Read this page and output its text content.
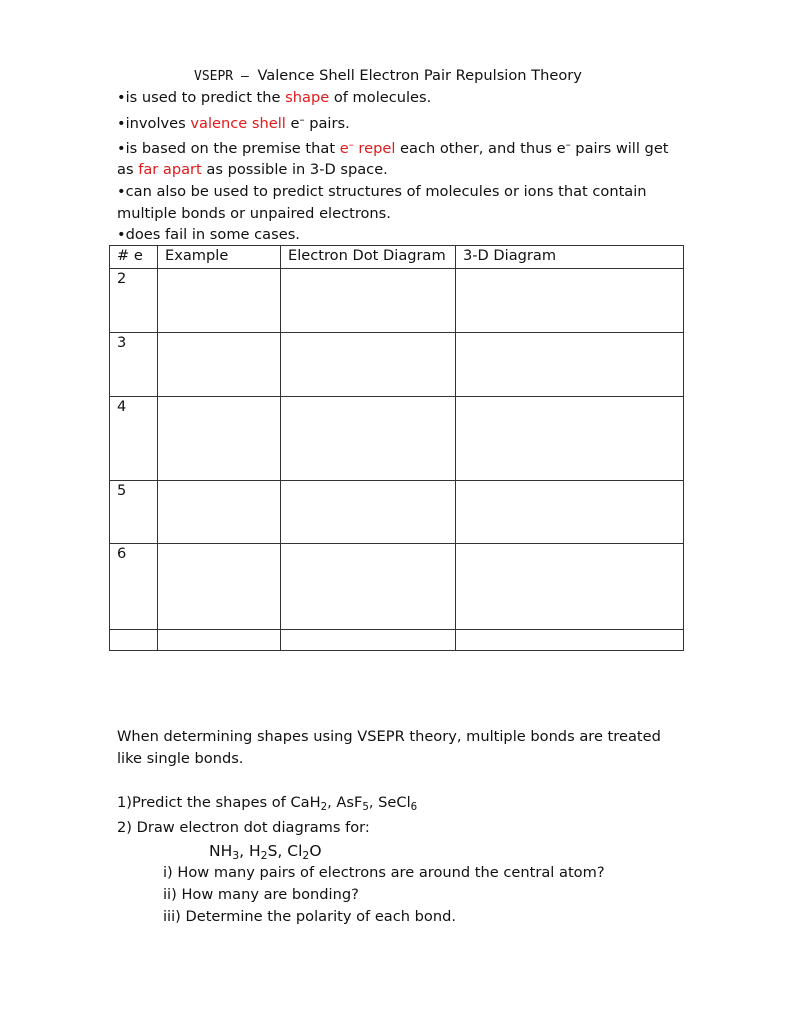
VSEPR – Valence Shell Electron Pair Repulsion Theory
•is used to predict the shape of molecules.
•involves valence shell e– pairs.
•is based on the premise that e– repel each other, and thus e– pairs will get
as far apart as possible in 3-D space.
•can also be used to predict structures of molecules or ions that contain
multiple bonds or unpaired electrons.
•does fail in some cases.
# e	Example	Electron Dot Diagram	3-D Diagram
2			
3			
4			
5			
6			

When determining shapes using VSEPR theory, multiple bonds are treated
like single bonds.
1)Predict the shapes of CaH$_2$, AsF$_5$, SeCl$_6$
2) Draw electron dot diagrams for:
$NH_3$, $H_2S$, $Cl_2O$
i) How many pairs of electrons are around the central atom?
ii) How many are bonding?
iii) Determine the polarity of each bond.
